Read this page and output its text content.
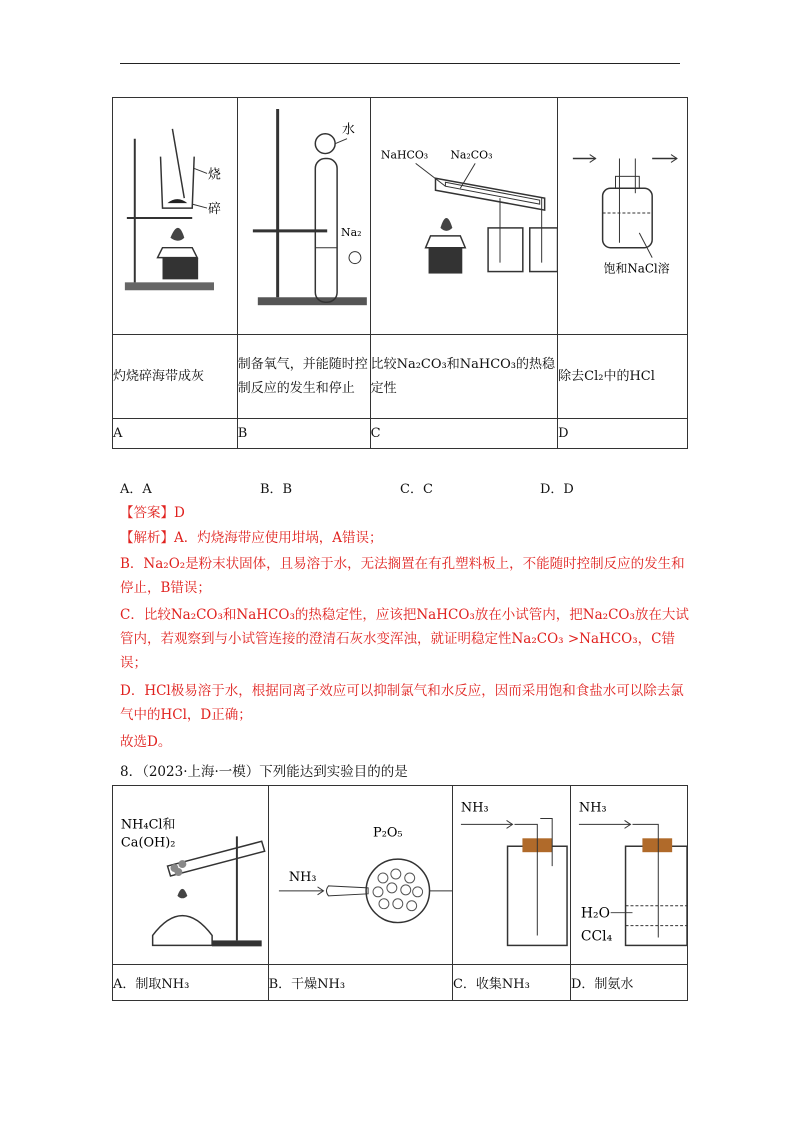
烧
碎	水
Na₂	NaHCO₃ Na₂CO₃	饱和NaCl溶

灼烧碎海带成灰	制备氧气，并能随时控制反应的发生和停止	比较Na₂CO₃和NaHCO₃的热稳定性	除去Cl₂中的HCl
A	B	C	D
A．A	B．B	C．C	D．D
【答案】D
【解析】A．灼烧海带应使用坩埚，A错误；
B．Na₂O₂是粉末状固体，且易溶于水，无法搁置在有孔塑料板上，不能随时控制反应的发生和停止，B错误；
C．比较Na₂CO₃和NaHCO₃的热稳定性，应该把NaHCO₃放在小试管内，把Na₂CO₃放在大试管内，若观察到与小试管连接的澄清石灰水变浑浊，就证明稳定性Na₂CO₃ >NaHCO₃，C错误；
D．HCl极易溶于水，根据同离子效应可以抑制氯气和水反应，因而采用饱和食盐水可以除去氯气中的HCl，D正确；
故选D。
8．（2023·上海·一模）下列能达到实验目的的是
NH₄Cl和
Ca(OH)₂	P₂O₅
NH₃	NH₃	NH₃
H₂O
CCl₄

A．制取NH₃	B．干燥NH₃	C．收集NH₃	D．制氨水
